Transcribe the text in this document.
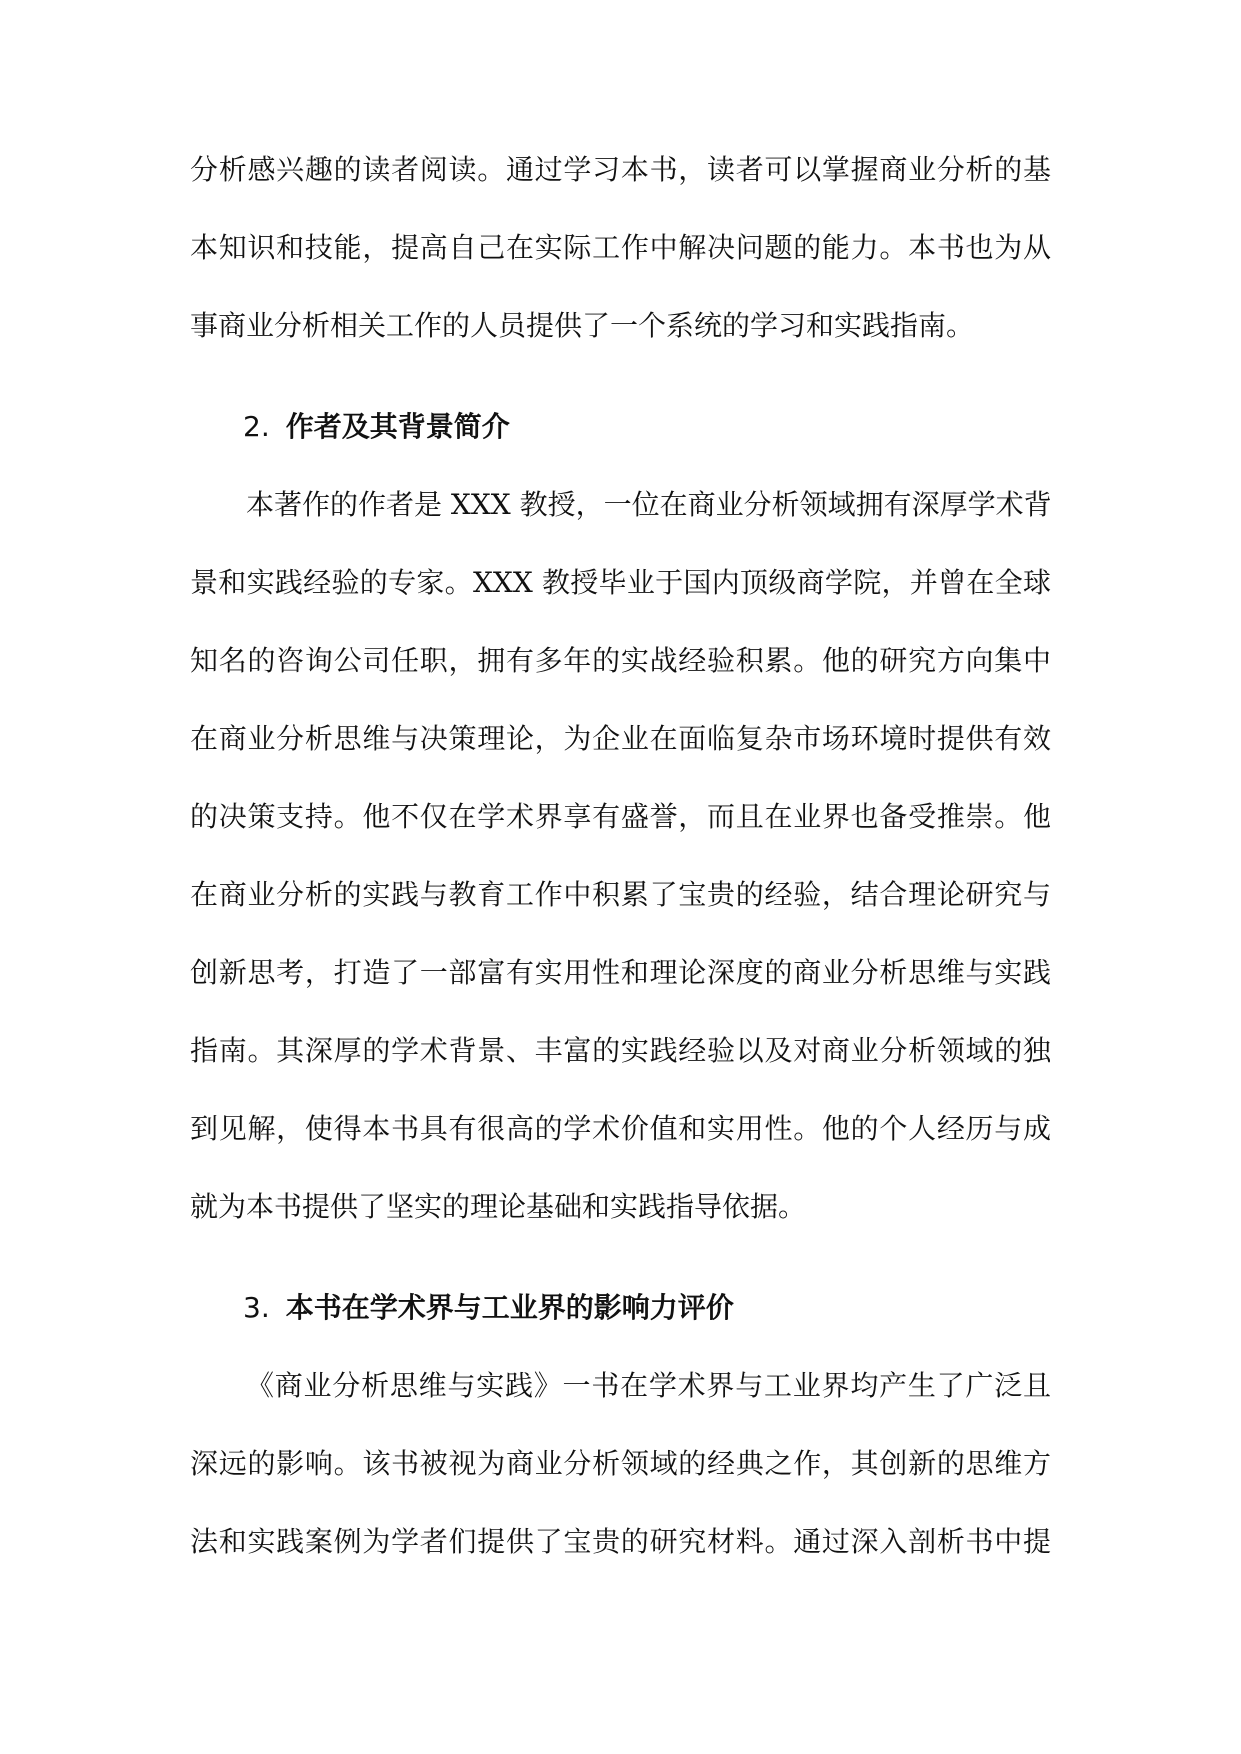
分析感兴趣的读者阅读。通过学习本书，读者可以掌握商业分析的基
本知识和技能，提高自己在实际工作中解决问题的能力。本书也为从
事商业分析相关工作的人员提供了一个系统的学习和实践指南。
2. 作者及其背景简介
本著作的作者是 XXX 教授，一位在商业分析领域拥有深厚学术背
景和实践经验的专家。XXX 教授毕业于国内顶级商学院，并曾在全球
知名的咨询公司任职，拥有多年的实战经验积累。他的研究方向集中
在商业分析思维与决策理论，为企业在面临复杂市场环境时提供有效
的决策支持。他不仅在学术界享有盛誉，而且在业界也备受推崇。他
在商业分析的实践与教育工作中积累了宝贵的经验，结合理论研究与
创新思考，打造了一部富有实用性和理论深度的商业分析思维与实践
指南。其深厚的学术背景、丰富的实践经验以及对商业分析领域的独
到见解，使得本书具有很高的学术价值和实用性。他的个人经历与成
就为本书提供了坚实的理论基础和实践指导依据。
3. 本书在学术界与工业界的影响力评价
《商业分析思维与实践》一书在学术界与工业界均产生了广泛且
深远的影响。该书被视为商业分析领域的经典之作，其创新的思维方
法和实践案例为学者们提供了宝贵的研究材料。通过深入剖析书中提
